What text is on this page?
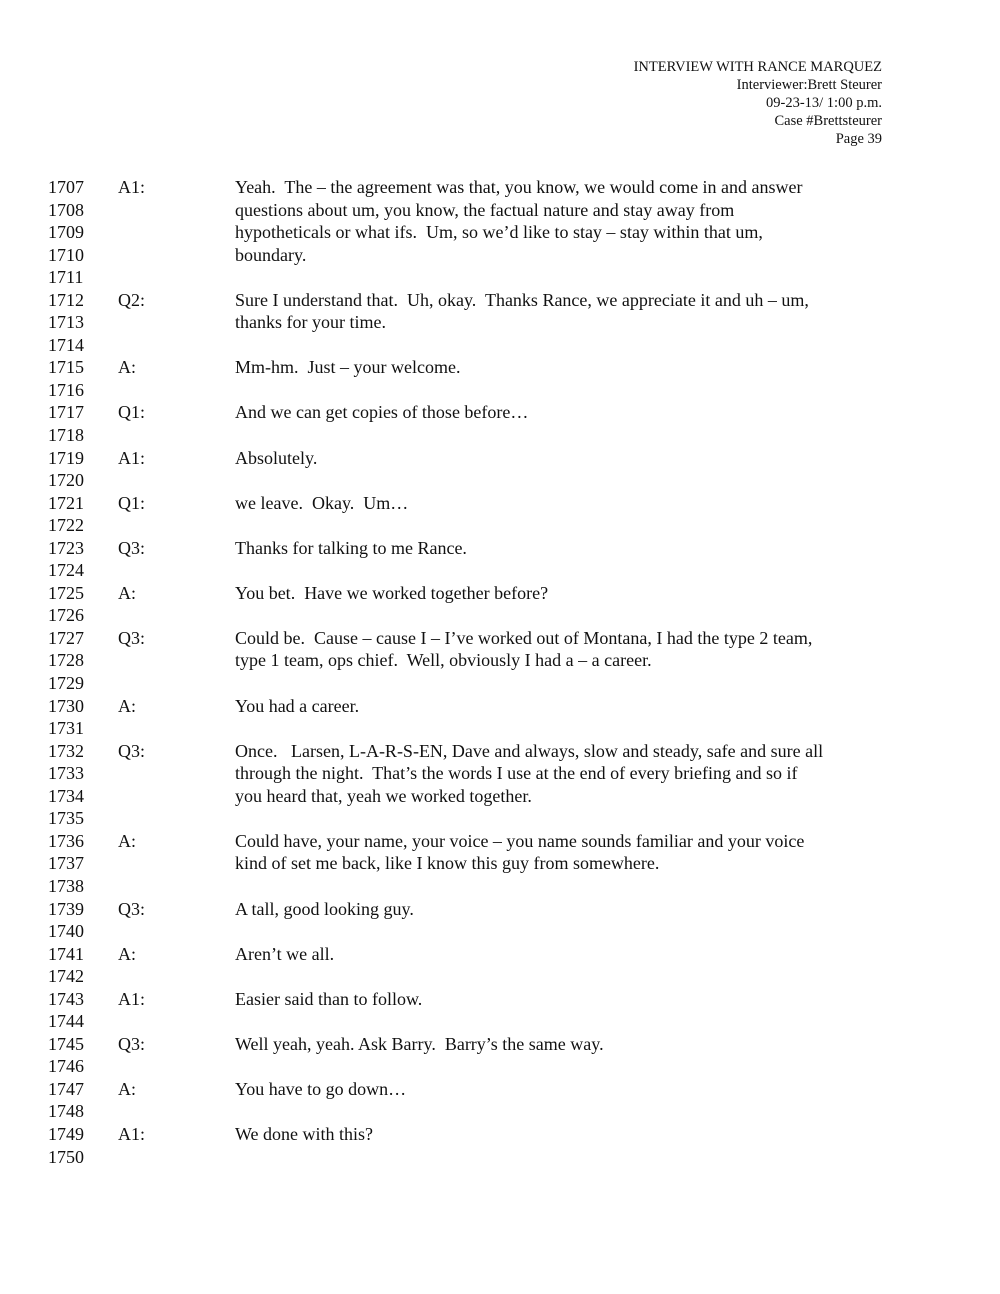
INTERVIEW WITH RANCE MARQUEZ
Interviewer:Brett Steurer
09-23-13/ 1:00 p.m.
Case #Brettsteurer
Page 39
1707 A1:	Yeah.  The – the agreement was that, you know, we would come in and answer
1708	questions about um, you know, the factual nature and stay away from
1709	hypotheticals or what ifs.  Um, so we’d like to stay – stay within that um,
1710	boundary.
1711
1712 Q2:	Sure I understand that.  Uh, okay.  Thanks Rance, we appreciate it and uh – um,
1713	thanks for your time.
1714
1715 A:	Mm-hm.  Just – your welcome.
1716
1717 Q1:	And we can get copies of those before…
1718
1719 A1:	Absolutely.
1720
1721 Q1:	we leave.  Okay.  Um…
1722
1723 Q3:	Thanks for talking to me Rance.
1724
1725 A:	You bet.  Have we worked together before?
1726
1727 Q3:	Could be.  Cause – cause I – I’ve worked out of Montana, I had the type 2 team,
1728	type 1 team, ops chief.  Well, obviously I had a – a career.
1729
1730 A:	You had a career.
1731
1732 Q3:	Once.   Larsen, L-A-R-S-EN, Dave and always, slow and steady, safe and sure all
1733	through the night.  That’s the words I use at the end of every briefing and so if
1734	you heard that, yeah we worked together.
1735
1736 A:	Could have, your name, your voice – you name sounds familiar and your voice
1737	kind of set me back, like I know this guy from somewhere.
1738
1739 Q3:	A tall, good looking guy.
1740
1741 A:	Aren’t we all.
1742
1743 A1:	Easier said than to follow.
1744
1745 Q3:	Well yeah, yeah. Ask Barry.  Barry’s the same way.
1746
1747 A:	You have to go down…
1748
1749 A1:	We done with this?
1750
